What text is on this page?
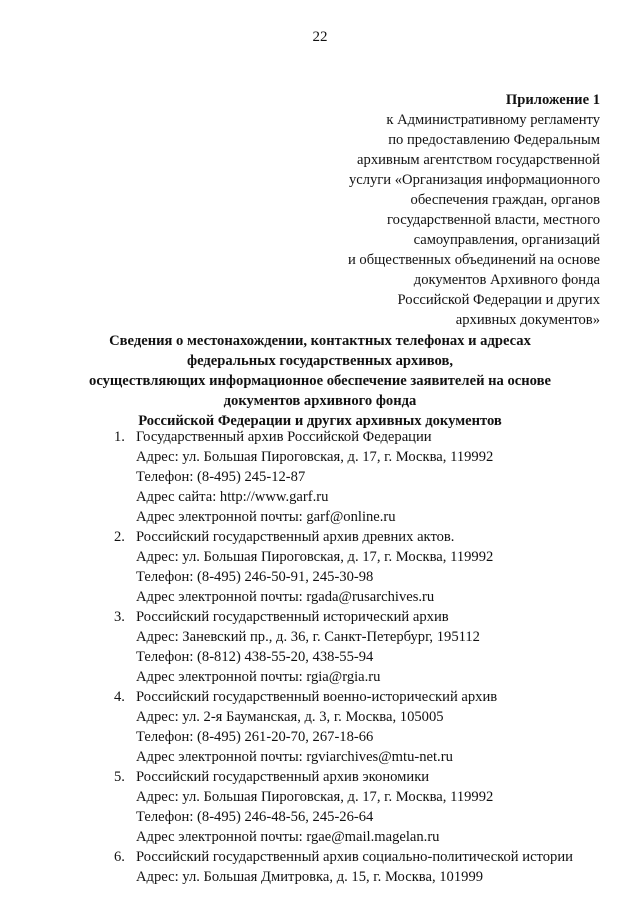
22
Приложение 1
к Административному регламенту
по предоставлению Федеральным
архивным агентством государственной
услуги «Организация информационного
обеспечения граждан, органов
государственной власти, местного
самоуправления, организаций
и общественных объединений на основе
документов Архивного фонда
Российской Федерации и других
архивных документов»
Сведения о местонахождении, контактных телефонах и адресах
федеральных государственных архивов,
осуществляющих информационное обеспечение заявителей на основе
документов архивного фонда
Российской Федерации и других архивных документов
1. Государственный архив Российской Федерации
Адрес: ул. Большая Пироговская, д. 17, г. Москва, 119992
Телефон: (8-495) 245-12-87
Адрес сайта: http://www.garf.ru
Адрес электронной почты: garf@online.ru
2. Российский государственный архив древних актов.
Адрес: ул. Большая Пироговская, д. 17, г. Москва, 119992
Телефон: (8-495) 246-50-91, 245-30-98
Адрес электронной почты: rgada@rusarchives.ru
3. Российский государственный исторический архив
Адрес: Заневский пр., д. 36, г. Санкт-Петербург, 195112
Телефон: (8-812) 438-55-20, 438-55-94
Адрес электронной почты: rgia@rgia.ru
4. Российский государственный военно-исторический архив
Адрес: ул. 2-я Бауманская, д. 3, г. Москва, 105005
Телефон: (8-495) 261-20-70, 267-18-66
Адрес электронной почты: rgviarchives@mtu-net.ru
5. Российский государственный архив экономики
Адрес: ул. Большая Пироговская, д. 17, г. Москва, 119992
Телефон: (8-495) 246-48-56, 245-26-64
Адрес электронной почты: rgae@mail.magelan.ru
6. Российский государственный архив социально-политической истории
Адрес: ул. Большая Дмитровка, д. 15, г. Москва, 101999
